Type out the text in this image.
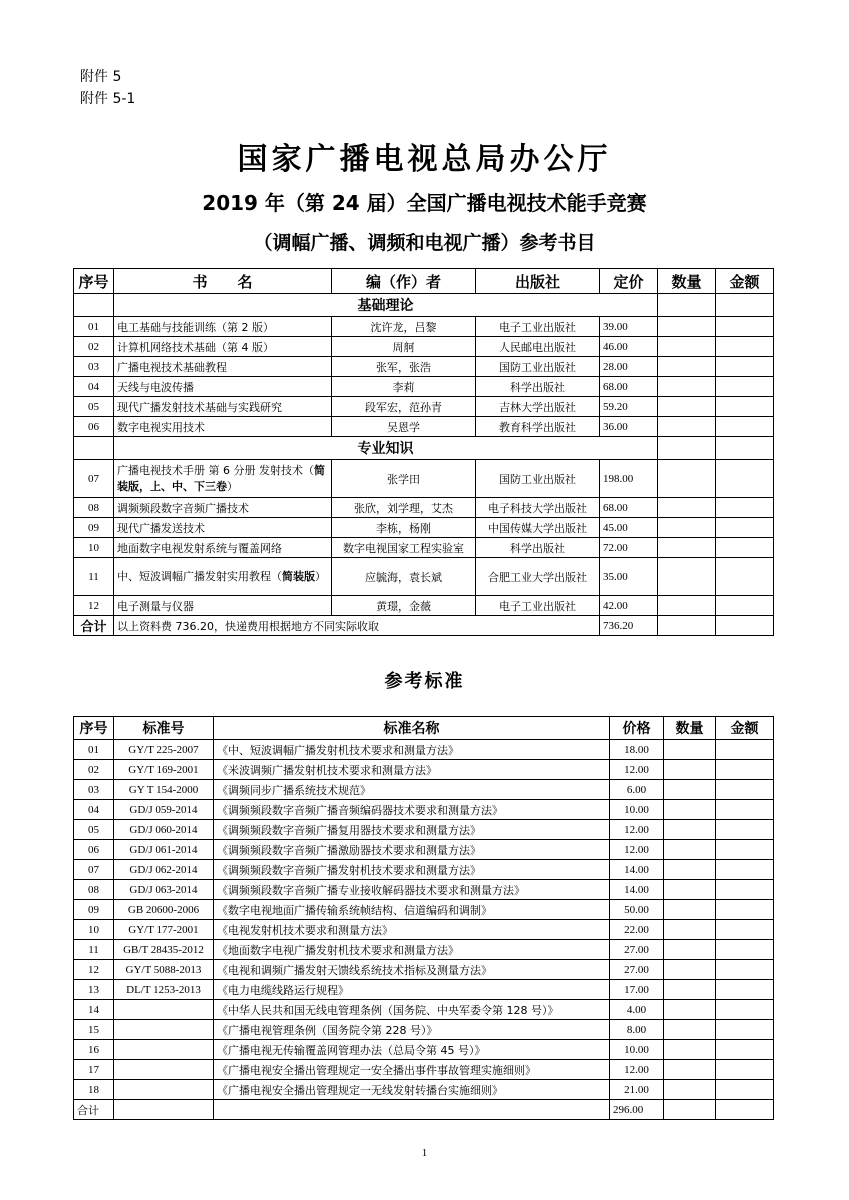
附件 5
附件 5-1
国家广播电视总局办公厅
2019 年（第 24 届）全国广播电视技术能手竞赛
（调幅广播、调频和电视广播）参考书目
序号	书　　名	编（作）者	出版社	定价	数量	金额
	基础理论					
01	电工基础与技能训练（第 2 版）	沈许龙，吕黎	电子工业出版社	39.00		
02	计算机网络技术基础（第 4 版）	周舸	人民邮电出版社	46.00		
03	广播电视技术基础教程	张军，张浩	国防工业出版社	28.00		
04	天线与电波传播	李莉	科学出版社	68.00		
05	现代广播发射技术基础与实践研究	段军宏，范孙青	吉林大学出版社	59.20		
06	数字电视实用技术	吴恩学	教育科学出版社	36.00		
	专业知识					
07	广播电视技术手册 第 6 分册 发射技术（简装版，上、中、下三卷）	张学田	国防工业出版社	198.00		
08	调频频段数字音频广播技术	张欣，刘学理，艾杰	电子科技大学出版社	68.00		
09	现代广播发送技术	李栋，杨刚	中国传媒大学出版社	45.00		
10	地面数字电视发射系统与覆盖网络	数字电视国家工程实验室	科学出版社	72.00		
11	中、短波调幅广播发射实用教程（简装版）	应毓海，袁长斌	合肥工业大学出版社	35.00		
12	电子测量与仪器	黄璟，金薇	电子工业出版社	42.00		
合计	以上资料费 736.20，快递费用根据地方不同实际收取			736.20		
参考标准
序号	标准号	标准名称	价格	数量	金额
01	GY/T 225-2007	《中、短波调幅广播发射机技术要求和测量方法》	18.00		
02	GY/T 169-2001	《米波调频广播发射机技术要求和测量方法》	12.00		
03	GY T 154-2000	《调频同步广播系统技术规范》	6.00		
04	GD/J 059-2014	《调频频段数字音频广播音频编码器技术要求和测量方法》	10.00		
05	GD/J 060-2014	《调频频段数字音频广播复用器技术要求和测量方法》	12.00		
06	GD/J 061-2014	《调频频段数字音频广播激励器技术要求和测量方法》	12.00		
07	GD/J 062-2014	《调频频段数字音频广播发射机技术要求和测量方法》	14.00		
08	GD/J 063-2014	《调频频段数字音频广播专业接收解码器技术要求和测量方法》	14.00		
09	GB 20600-2006	《数字电视地面广播传输系统帧结构、信道编码和调制》	50.00		
10	GY/T 177-2001	《电视发射机技术要求和测量方法》	22.00		
11	GB/T 28435-2012	《地面数字电视广播发射机技术要求和测量方法》	27.00		
12	GY/T 5088-2013	《电视和调频广播发射天馈线系统技术指标及测量方法》	27.00		
13	DL/T 1253-2013	《电力电缆线路运行规程》	17.00		
14		《中华人民共和国无线电管理条例（国务院、中央军委令第 128 号）》	4.00		
15		《广播电视管理条例（国务院令第 228 号）》	8.00		
16		《广播电视无传输覆盖网管理办法（总局令第 45 号）》	10.00		
17		《广播电视安全播出管理规定一安全播出事件事故管理实施细则》	12.00		
18		《广播电视安全播出管理规定一无线发射转播台实施细则》	21.00		
合计			296.00		
1
